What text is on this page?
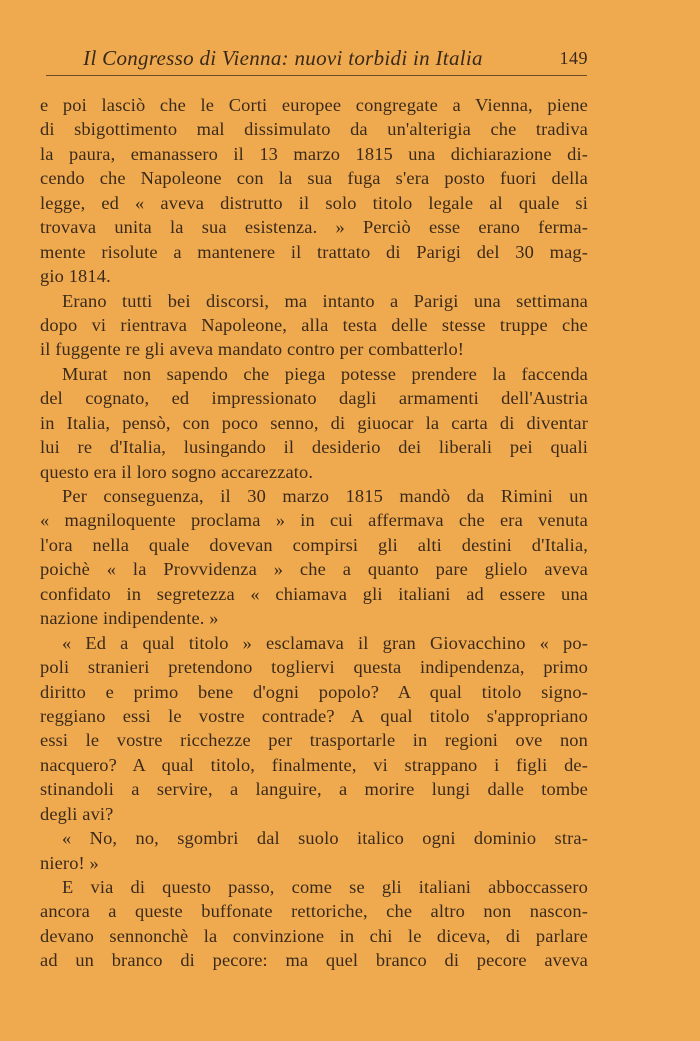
Il Congresso di Vienna: nuovi torbidi in Italia	149
e poi lasciò che le Corti europee congregate a Vienna, piene
di sbigottimento mal dissimulato da un'alterigia che tradiva
la paura, emanassero il 13 marzo 1815 una dichiarazione di-
cendo che Napoleone con la sua fuga s'era posto fuori della
legge, ed « aveva distrutto il solo titolo legale al quale si
trovava unita la sua esistenza. » Perciò esse erano ferma-
mente risolute a mantenere il trattato di Parigi del 30 mag-
gio 1814.
Erano tutti bei discorsi, ma intanto a Parigi una settimana
dopo vi rientrava Napoleone, alla testa delle stesse truppe che
il fuggente re gli aveva mandato contro per combatterlo!
Murat non sapendo che piega potesse prendere la faccenda
del cognato, ed impressionato dagli armamenti dell'Austria
in Italia, pensò, con poco senno, di giuocar la carta di diventar
lui re d'Italia, lusingando il desiderio dei liberali pei quali
questo era il loro sogno accarezzato.
Per conseguenza, il 30 marzo 1815 mandò da Rimini un
« magniloquente proclama » in cui affermava che era venuta
l'ora nella quale dovevan compirsi gli alti destini d'Italia,
poichè « la Provvidenza » che a quanto pare glielo aveva
confidato in segretezza « chiamava gli italiani ad essere una
nazione indipendente. »
« Ed a qual titolo » esclamava il gran Giovacchino « po-
poli stranieri pretendono togliervi questa indipendenza, primo
diritto e primo bene d'ogni popolo? A qual titolo signo-
reggiano essi le vostre contrade? A qual titolo s'appropriano
essi le vostre ricchezze per trasportarle in regioni ove non
nacquero? A qual titolo, finalmente, vi strappano i figli de-
stinandoli a servire, a languire, a morire lungi dalle tombe
degli avi?
« No, no, sgombri dal suolo italico ogni dominio stra-
niero! »
E via di questo passo, come se gli italiani abboccassero
ancora a queste buffonate rettoriche, che altro non nascon-
devano sennonchè la convinzione in chi le diceva, di parlare
ad un branco di pecore: ma quel branco di pecore aveva
